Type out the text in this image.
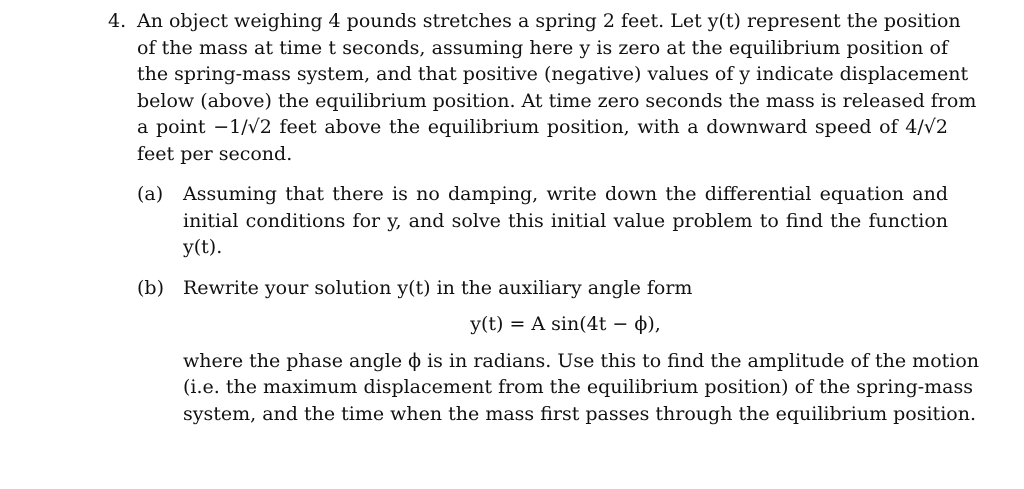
4. An object weighing 4 pounds stretches a spring 2 feet. Let y(t) represent the position
of the mass at time t seconds, assuming here y is zero at the equilibrium position of
the spring-mass system, and that positive (negative) values of y indicate displacement
below (above) the equilibrium position. At time zero seconds the mass is released from
a point −1/√2 feet above the equilibrium position, with a downward speed of 4/√2
feet per second.
(a) Assuming that there is no damping, write down the differential equation and
initial conditions for y, and solve this initial value problem to find the function
y(t).
(b) Rewrite your solution y(t) in the auxiliary angle form
y(t) = A sin(4t − ϕ),
where the phase angle ϕ is in radians. Use this to find the amplitude of the motion
(i.e. the maximum displacement from the equilibrium position) of the spring-mass
system, and the time when the mass first passes through the equilibrium position.
